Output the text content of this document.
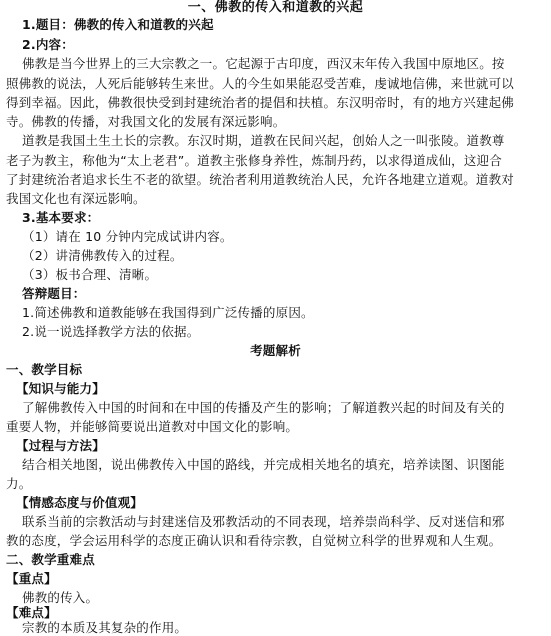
一、佛教的传入和道教的兴起
1.题目：佛教的传入和道教的兴起
2.内容：
佛教是当今世界上的三大宗教之一。它起源于古印度，西汉末年传入我国中原地区。按
照佛教的说法，人死后能够转生来世。人的今生如果能忍受苦难，虔诚地信佛，来世就可以
得到幸福。因此，佛教很快受到封建统治者的提倡和扶植。东汉明帝时，有的地方兴建起佛
寺。佛教的传播，对我国文化的发展有深远影响。
道教是我国土生土长的宗教。东汉时期，道教在民间兴起，创始人之一叫张陵。道教尊
老子为教主，称他为“太上老君”。道教主张修身养性，炼制丹药，以求得道成仙，这迎合
了封建统治者追求长生不老的欲望。统治者利用道教统治人民，允许各地建立道观。道教对
我国文化也有深远影响。
3.基本要求：
（1）请在 10 分钟内完成试讲内容。
（2）讲清佛教传入的过程。
（3）板书合理、清晰。
答辩题目：
1.简述佛教和道教能够在我国得到广泛传播的原因。
2.说一说选择教学方法的依据。
考题解析
一、教学目标
【知识与能力】
了解佛教传入中国的时间和在中国的传播及产生的影响；了解道教兴起的时间及有关的
重要人物，并能够简要说出道教对中国文化的影响。
【过程与方法】
结合相关地图，说出佛教传入中国的路线，并完成相关地名的填充，培养读图、识图能
力。
【情感态度与价值观】
联系当前的宗教活动与封建迷信及邪教活动的不同表现，培养崇尚科学、反对迷信和邪
教的态度，学会运用科学的态度正确认识和看待宗教，自觉树立科学的世界观和人生观。
二、教学重难点
【重点】
佛教的传入。
【难点】
宗教的本质及其复杂的作用。
